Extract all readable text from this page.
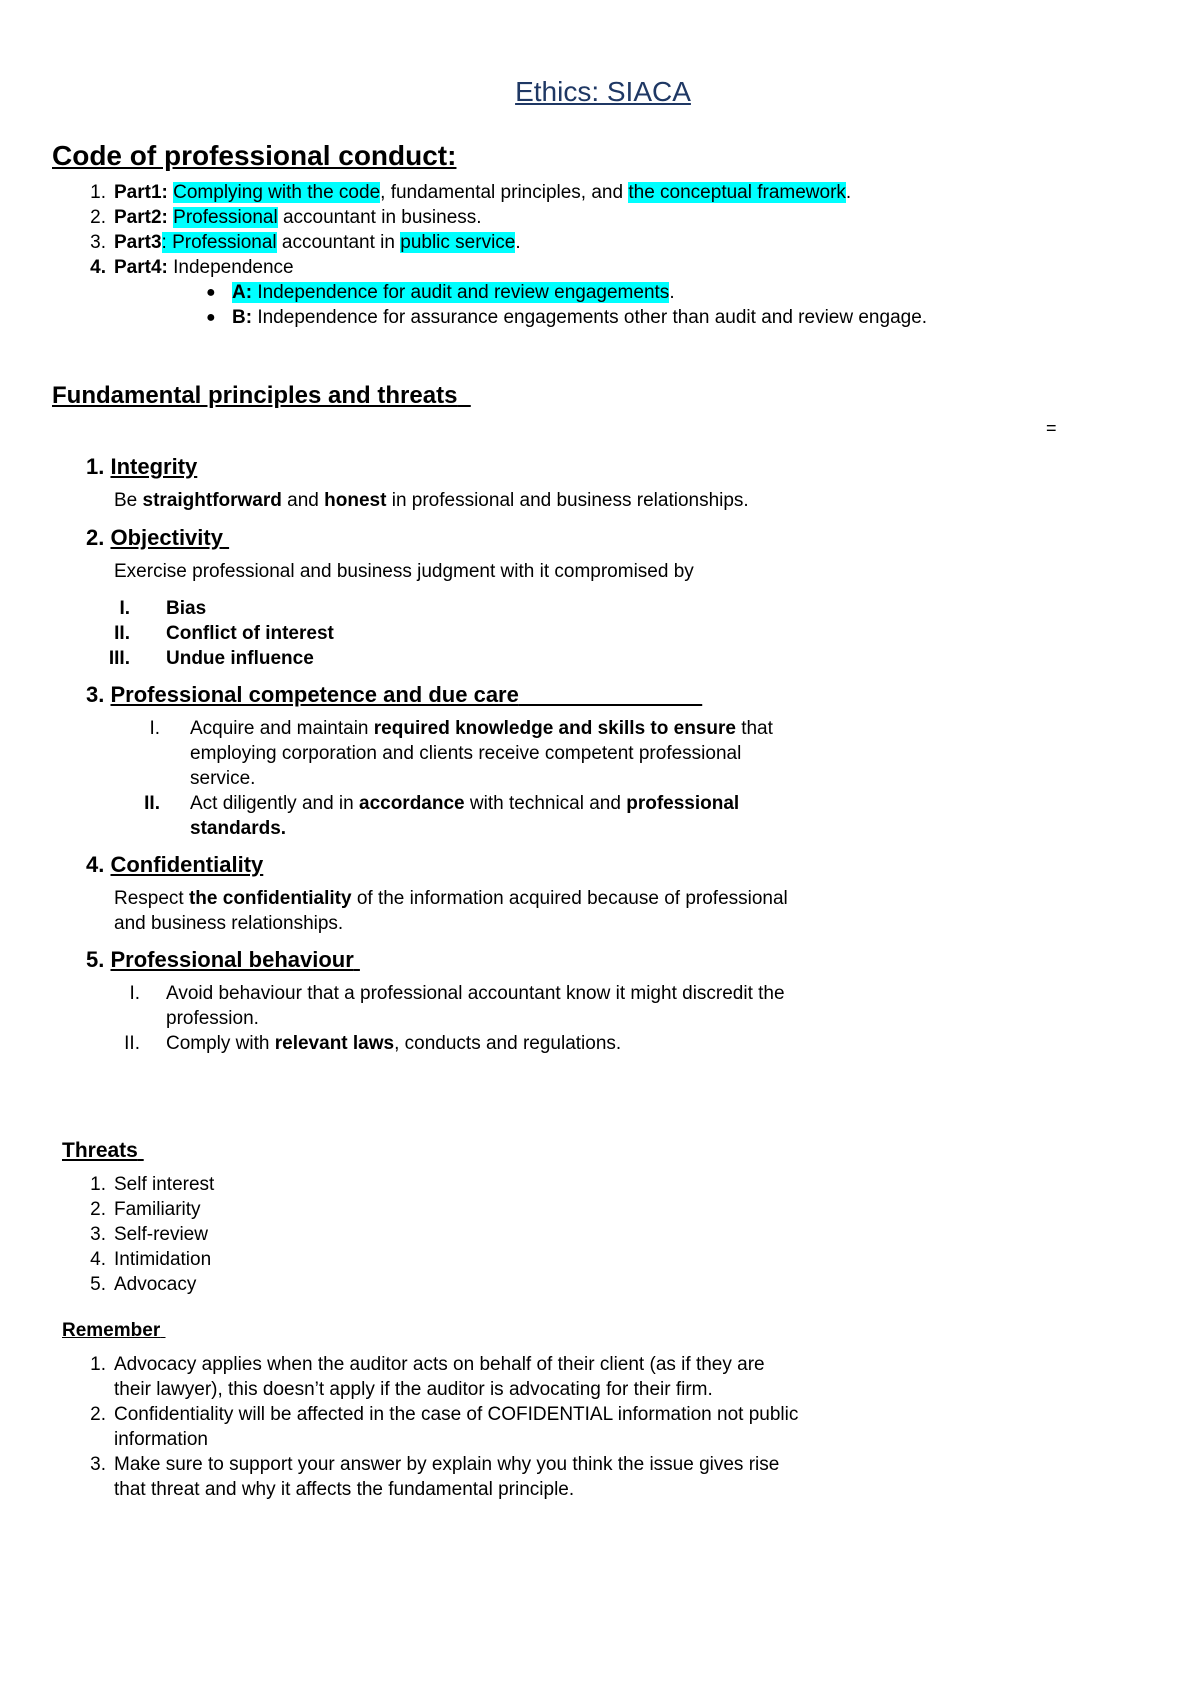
Ethics: SIACA
Code of professional conduct:
1. Part1: Complying with the code, fundamental principles, and the conceptual framework.
2. Part2: Professional accountant in business.
3. Part3: Professional accountant in public service.
4. Part4: Independence
● A: Independence for audit and review engagements.
● B: Independence for assurance engagements other than audit and review engage.
Fundamental principles and threats
=
1. Integrity
Be straightforward and honest in professional and business relationships.
2. Objectivity
Exercise professional and business judgment with it compromised by
I. Bias
II. Conflict of interest
III. Undue influence
3. Professional competence and due care
I. Acquire and maintain required knowledge and skills to ensure that
employing corporation and clients receive competent professional
service.
II. Act diligently and in accordance with technical and professional
standards.
4. Confidentiality
Respect the confidentiality of the information acquired because of professional
and business relationships.
5. Professional behaviour
I. Avoid behaviour that a professional accountant know it might discredit the
profession.
II. Comply with relevant laws, conducts and regulations.
Threats
1. Self interest
2. Familiarity
3. Self-review
4. Intimidation
5. Advocacy
Remember
1. Advocacy applies when the auditor acts on behalf of their client (as if they are
their lawyer), this doesn’t apply if the auditor is advocating for their firm.
2. Confidentiality will be affected in the case of COFIDENTIAL information not public
information
3. Make sure to support your answer by explain why you think the issue gives rise
that threat and why it affects the fundamental principle.
